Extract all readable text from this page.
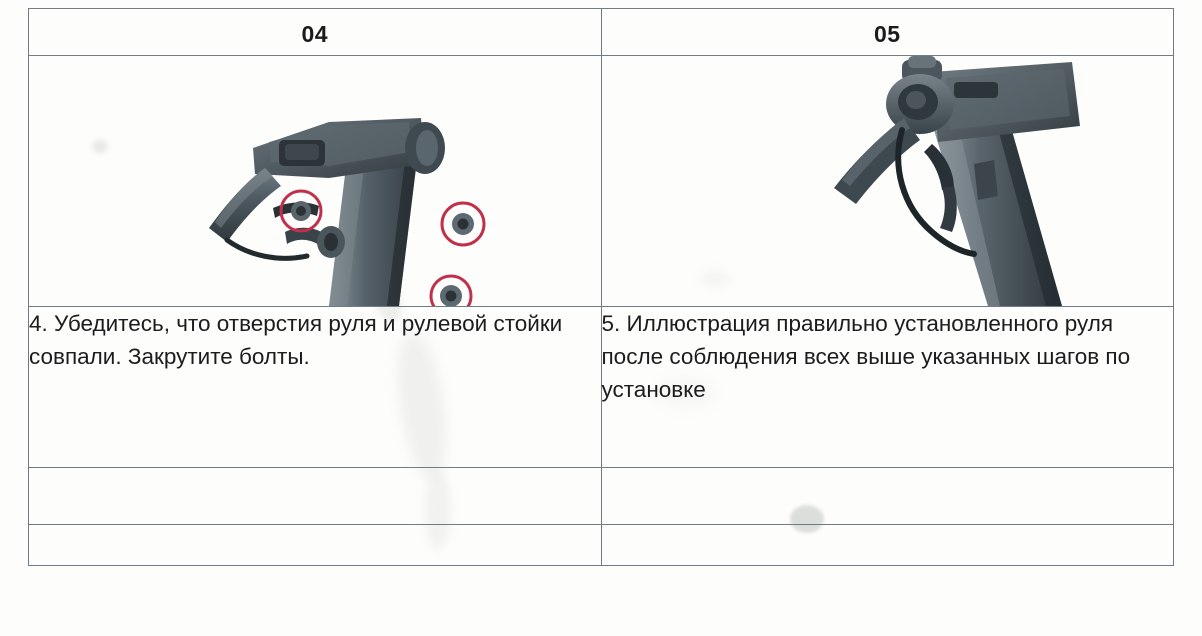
04	05

4. Убедитесь, что отверстия руля и рулевой стойки совпали. Закрутите болты.	5. Иллюстрация правильно установленного руля после соблюдения всех выше указанных шагов по установке
